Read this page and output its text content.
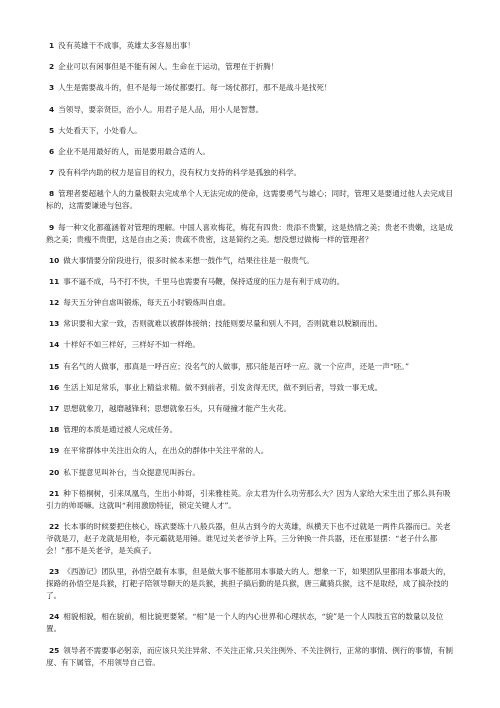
1 没有英雄干不成事，英雄太多容易出事！

2 企业可以有闲事但是不能有闲人。生命在于运动，管理在于折腾！

3 人生是需要战斗的，但不是每一场仗都要打。每一场仗都打，那不是战斗是找死！

4 当领导，要亲贤臣，治小人。用君子是人品，用小人是智慧。

5 大处看天下，小处看人。

6 企业不是用最好的人，而是要用最合适的人。

7 没有科学内助的权力是盲目的权力，没有权力支持的科学是孤独的科学。

8 管理者要超越个人的力量极限去完成单个人无法完成的使命，这需要勇气与雄心；同时，管理又是要通过他人去完成目标的，这需要谦逊与包容。

9 每一种文化都蕴涵着对管理的理解。中国人喜欢梅花，梅花有四贵：贵添不贵繁，这是热情之美；贵老不贵嫩，这是成熟之美；贵瘦不贵肥，这是自由之美；贵疏不贵密，这是简约之美。想没想过做梅一样的管理者？

10 做大事情要分阶段进行，很多时候本来想一鼓作气，结果往往是一般贵气。

11 事不逼不成，马不打不快，千里马也需要有马鞭，保持适度的压力是有利于成功的。

12 每天五分钟自虐叫锻炼，每天五小时锻炼叫自虐。

13 常识要和大家一致，否则就难以被群体接纳；技能则要尽量和别人不同，否则就难以脱颖而出。

14 十样好不如三样好，三样好不如一样绝。

15 有名气的人做事，那真是一呼百应；没名气的人做事，那只能是百呼一应。就一个应声，还是一声“呸。”

16 生活上知足常乐，事业上精益求精。做不到前者，引发贪得无厌，做不到后者，导致一事无成。

17 思想就象刀，越磨越锋利；思想就象石头，只有碰撞才能产生火花。

18 管理的本质是通过被人完成任务。

19 在平常群体中关注出众的人，在出众的群体中关注平常的人。

20 私下提意见叫补台，当众提意见叫拆台。

21 种下梧桐树，引来凤凰鸟，生出小帅哥，引来雅桂英。佘太君为什么功劳那么大？因为人家给大宋生出了那么具有吸引力的帅哥嘛。这就叫“利用激励特征，锁定关键人才”。

22 长本事的时候要把住核心，练武要练十八般兵器，但从古到今的大英雄，纵横天下也不过就是一两件兵器而已。关老爷就是刀，赵子龙就是用枪，李元霸就是用锤。谁见过关老爷爷上阵，三分钟换一件兵器，还在那显摆：“老子什么都会！”那不是关老爷，是关疯子。

23 《西游记》团队里，孙悟空最有本事，但是做大事不能都用本事最大的人。想象一下，如果团队里都用本事最大的，探路的孙悟空是兵猴，打耙子陪领导聊天的是兵猴，挑担子搞后勤的是兵猴，唐三藏骑兵猴，这不是取经，成了搞杂技的了。

24 相貌相貌，相在貌前，相比貌更要紧。“相”是一个人的内心世界和心理状态，“貌”是一个人四肢五官的数量以及位置。

25 领导者不需要事必躬亲，而应该只关注异常、不关注正常,只关注例外、不关注例行，正常的事情、例行的事情，有制度、有下属管，不用领导自己管。
